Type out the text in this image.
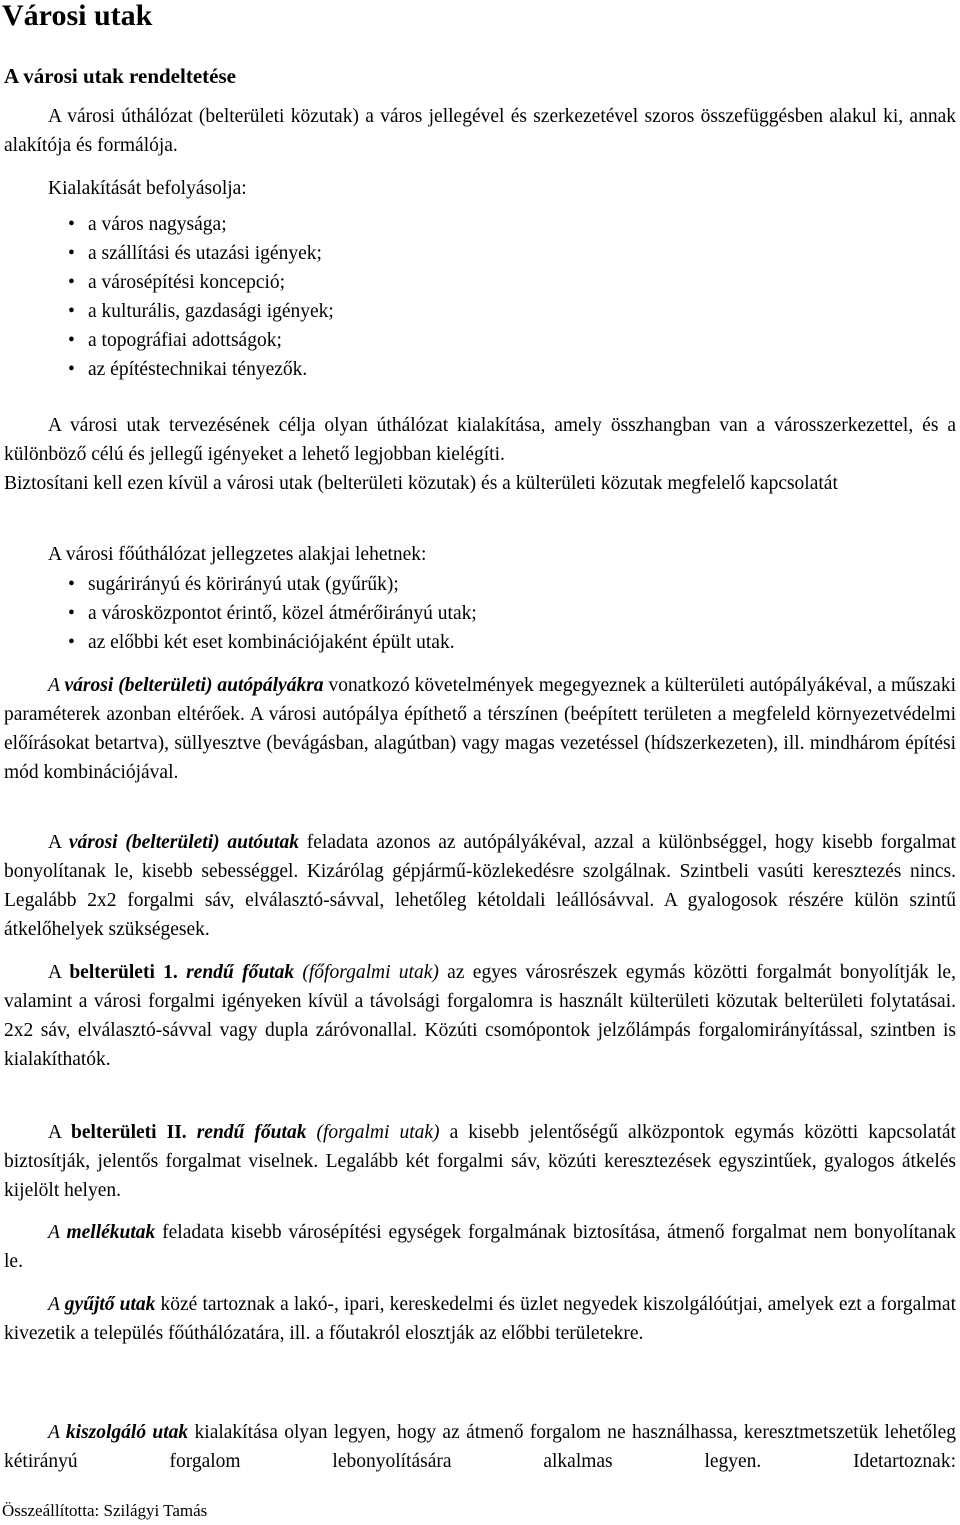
Városi utak
A városi utak rendeltetése

A városi úthálózat (belterületi közutak) a város jellegével és szerkezetével szoros összefüggésben alakul ki, annak alakítója és formálója.

Kialakítását befolyásolja:

• a város nagysága;
• a szállítási és utazási igények;
• a városépítési koncepció;
• a kulturális, gazdasági igények;
• a topográfiai adottságok;
• az építéstechnikai tényezők.

A városi utak tervezésének célja olyan úthálózat kialakítása, amely összhangban van a városszerkezettel, és a különböző célú és jellegű igényeket a lehető legjobban kielégíti.

Biztosítani kell ezen kívül a városi utak (belterületi közutak) és a külterületi közutak megfelelő kapcsolatát

A városi főúthálózat jellegzetes alakjai lehetnek:

• sugárirányú és körirányú utak (gyűrűk);
• a városközpontot érintő, közel átmérőirányú utak;
• az előbbi két eset kombinációjaként épült utak.

A városi (belterületi) autópályákra vonatkozó követelmények megegyeznek a külterületi autópályákéval, a műszaki paraméterek azonban eltérőek. A városi autópálya építhető a térszínen (beépített területen a megfeleld környezetvédelmi előírásokat betartva), süllyesztve (bevágásban, alagútban) vagy magas vezetéssel (hídszerkezeten), ill. mindhárom építési mód kombinációjával.

A városi (belterületi) autóutak feladata azonos az autópályákéval, azzal a különbséggel, hogy kisebb forgalmat bonyolítanak le, kisebb sebességgel. Kizárólag gépjármű-közlekedésre szolgálnak. Szintbeli vasúti keresztezés nincs. Legalább 2x2 forgalmi sáv, elválasztó-sávval, lehetőleg kétoldali leállósávval. A gyalogosok részére külön szintű átkelőhelyek szükségesek.

A belterületi 1. rendű főutak (főforgalmi utak) az egyes városrészek egymás közötti forgalmát bonyolítják le, valamint a városi forgalmi igényeken kívül a távolsági forgalomra is használt külterületi közutak belterületi folytatásai. 2x2 sáv, elválasztó-sávval vagy dupla záróvonallal. Közúti csomópontok jelzőlámpás forgalomirányítással, szintben is kialakíthatók.

A belterületi II. rendű főutak (forgalmi utak) a kisebb jelentőségű alközpontok egymás közötti kapcsolatát biztosítják, jelentős forgalmat viselnek. Legalább két forgalmi sáv, közúti keresztezések egyszintűek, gyalogos átkelés kijelölt helyen.

A mellékutak feladata kisebb városépítési egységek forgalmának biztosítása, átmenő forgalmat nem bonyolítanak le.

A gyűjtő utak közé tartoznak a lakó-, ipari, kereskedelmi és üzlet negyedek kiszolgálóútjai, amelyek ezt a forgalmat kivezetik a település főúthálózatára, ill. a főutakról elosztják az előbbi területekre.

A kiszolgáló utak kialakítása olyan legyen, hogy az átmenő forgalom ne használhassa, keresztmetszetük lehetőleg kétirányú forgalom lebonyolítására alkalmas legyen. Idetartoznak:

Összeállította: Szilágyi Tamás
